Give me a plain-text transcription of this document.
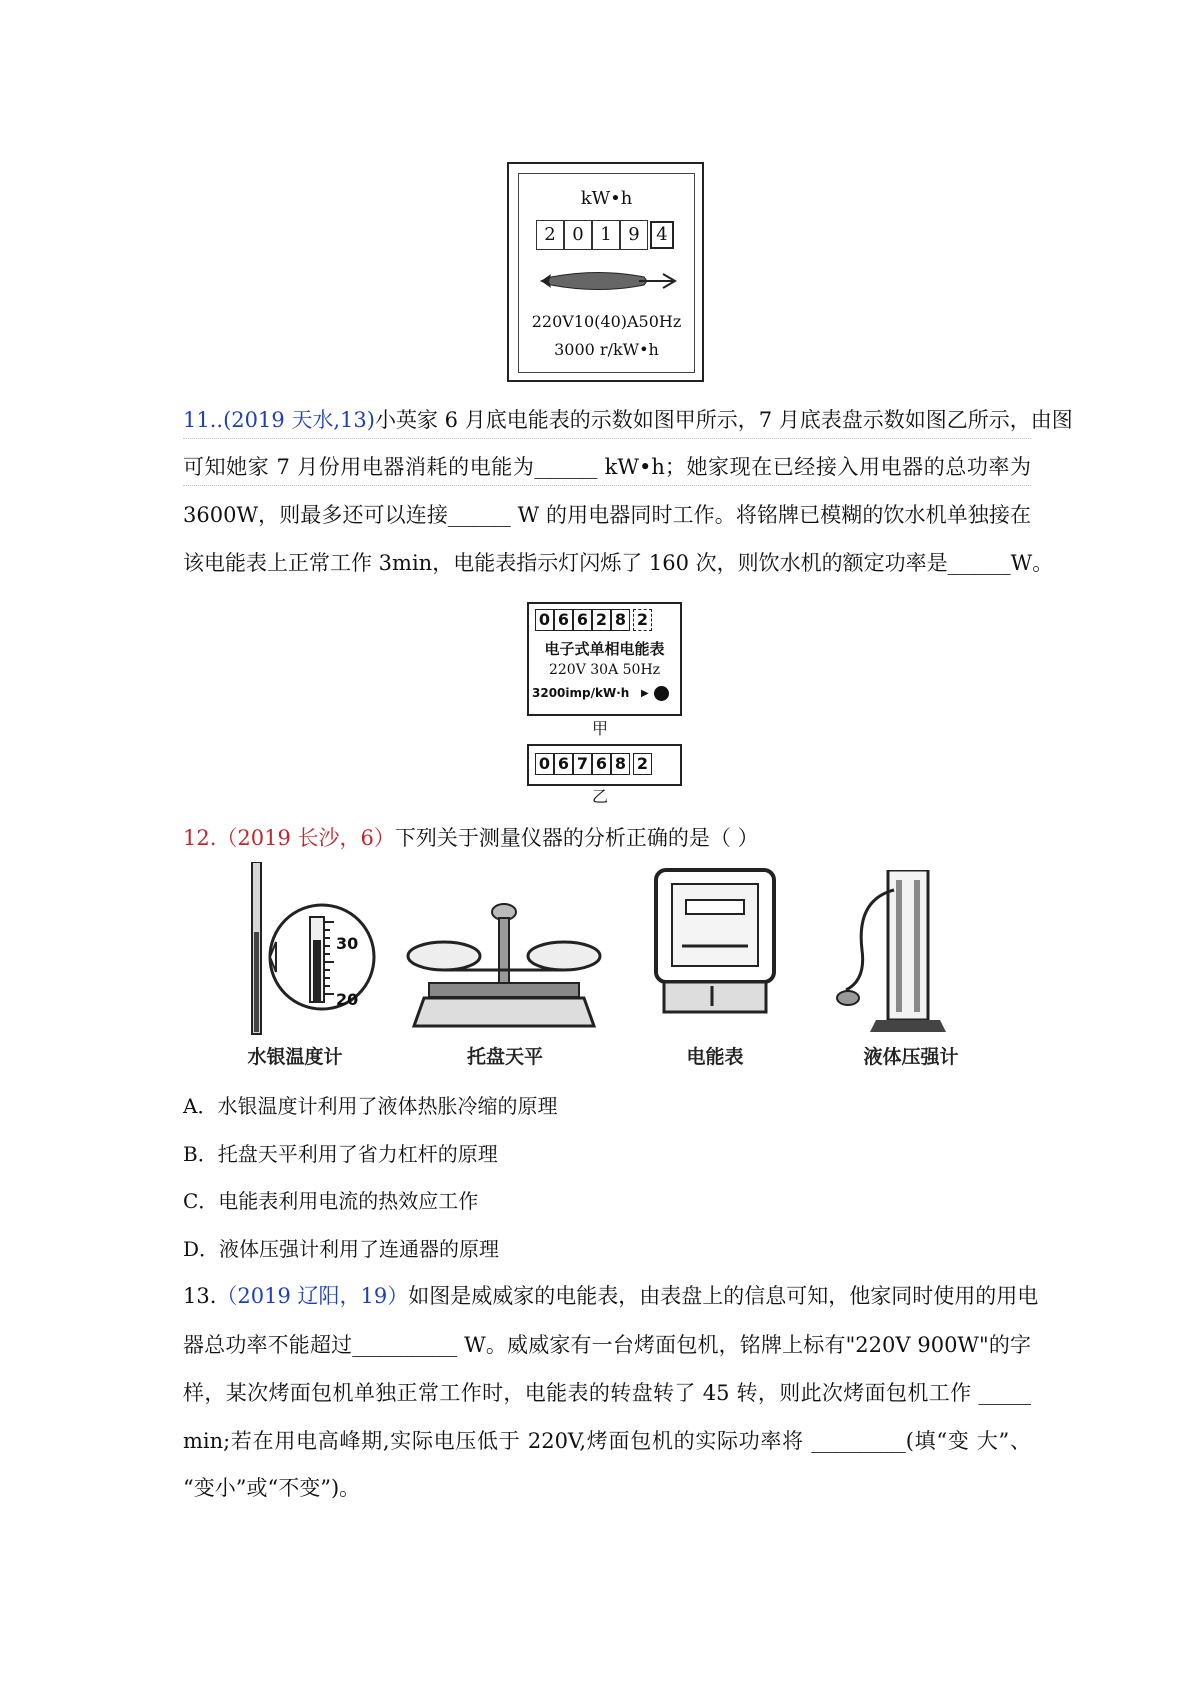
kW•h
2 0 1 9 4
220V10(40)A50Hz
3000 r/kW•h
11..(2019 天水,13)小英家 6 月底电能表的示数如图甲所示，7 月底表盘示数如图乙所示，由图
可知她家 7 月份用电器消耗的电能为______ kW•h；她家现在已经接入用电器的总功率为
3600W，则最多还可以连接______ W 的用电器同时工作。将铭牌已模糊的饮水机单独接在
该电能表上正常工作 3min，电能表指示灯闪烁了 160 次，则饮水机的额定功率是______W。
0 6 6 2 8 2
电子式单相电能表
220V 30A 50Hz
3200imp/kW·h ▶
甲
0 6 7 6 8 2
乙
12.（2019 长沙，6）下列关于测量仪器的分析正确的是（ ）
30
20
水银温度计	托盘天平	电能表	液体压强计
A．水银温度计利用了液体热胀冷缩的原理
B．托盘天平利用了省力杠杆的原理
C．电能表利用电流的热效应工作
D．液体压强计利用了连通器的原理
13.（2019 辽阳，19）如图是威威家的电能表，由表盘上的信息可知，他家同时使用的用电
器总功率不能超过__________ W。威威家有一台烤面包机，铭牌上标有"220V 900W"的字
样，某次烤面包机单独正常工作时，电能表的转盘转了 45 转，则此次烤面包机工作 _____
min;若在用电高峰期,实际电压低于 220V,烤面包机的实际功率将 _________(填“变 大”、
“变小”或“不变”)。
